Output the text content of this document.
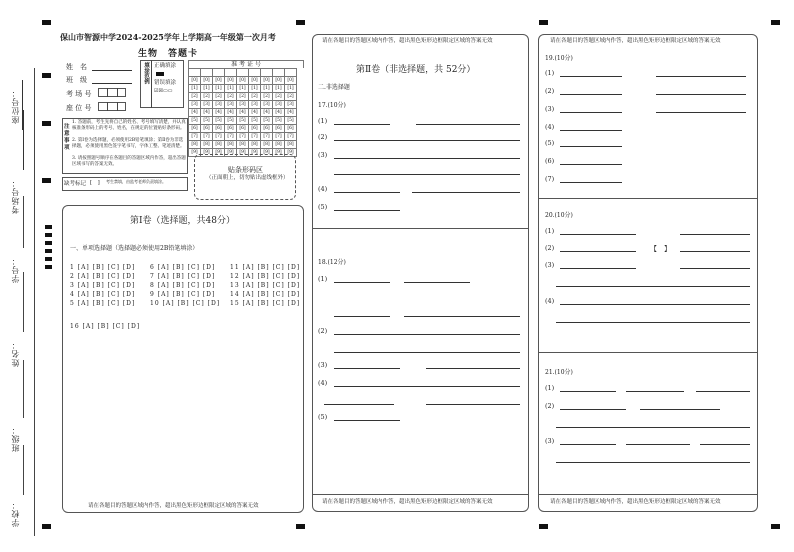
座位号：
考场号：
学号：
姓名：
班级：
学校：
保山市智源中学2024-2025学年上学期高一年级第一次月考
生物　答题卡
姓　名
班　级
考 场 号
座 位 号
填涂范例 正确填涂
错误填涂
☑☒▭▭
准 考 证 号

[0]	[0]	[0]	[0]	[0]	[0]	[0]	[0]	[0]
[1]	[1]	[1]	[1]	[1]	[1]	[1]	[1]	[1]
[2]	[2]	[2]	[2]	[2]	[2]	[2]	[2]	[2]
[3]	[3]	[3]	[3]	[3]	[3]	[3]	[3]	[3]
[4]	[4]	[4]	[4]	[4]	[4]	[4]	[4]	[4]
[5]	[5]	[5]	[5]	[5]	[5]	[5]	[5]	[5]
[6]	[6]	[6]	[6]	[6]	[6]	[6]	[6]	[6]
[7]	[7]	[7]	[7]	[7]	[7]	[7]	[7]	[7]
[8]	[8]	[8]	[8]	[8]	[8]	[8]	[8]	[8]
[9]	[9]	[9]	[9]	[9]	[9]	[9]	[9]	[9]
注意事项
1. 答题前，考生先将自己的姓名、考号填写清楚，并认真核准条形码上的考号、姓名，在规定的位置贴好条形码。
2. 第Ⅰ卷为选择题，必须使用2B铅笔填涂；第Ⅱ卷为非选择题，必须使用黑色签字笔书写，字体工整、笔迹清楚。
3. 请按照题号顺序在各题目的答题区域内作答，超出答题区域书写的答案无效。
缺考标记 [　] 考生禁填，由监考老师负责填涂。
贴条形码区
（正面朝上，切勿贴出虚线框外）
第Ⅰ卷（选择题，共48分）
一、单项选择题（选择题必须使用2B铅笔填涂）
1 [A] [B] [C] [D]
2 [A] [B] [C] [D]
3 [A] [B] [C] [D]
4 [A] [B] [C] [D]
5 [A] [B] [C] [D]
6 [A] [B] [C] [D]
7 [A] [B] [C] [D]
8 [A] [B] [C] [D]
9 [A] [B] [C] [D]
10 [A] [B] [C] [D]
11 [A] [B] [C] [D]
12 [A] [B] [C] [D]
13 [A] [B] [C] [D]
14 [A] [B] [C] [D]
15 [A] [B] [C] [D]
16 [A] [B] [C] [D]
请在各题目的答题区域内作答，超出黑色矩形边框限定区域的答案无效
请在各题目的答题区域内作答，超出黑色矩形边框限定区域的答案无效
第Ⅱ卷（非选择题，共 52分）
二.非选择题
17.(10分)
(1)
(2)
(3)
(4)
(5)
18.(12分)
(1)
(2)
(3)
(4)
(5)
请在各题目的答题区域内作答，超出黑色矩形边框限定区域的答案无效
请在各题目的答题区域内作答，超出黑色矩形边框限定区域的答案无效
19.(10分)
(1)
(2)
(3)
(4)
(5)
(6)
(7)
20.(10分)
(1)
(2)
(3)
(4)
【　】
21.(10分)
(1)
(2)
(3)
请在各题目的答题区域内作答，超出黑色矩形边框限定区域的答案无效
